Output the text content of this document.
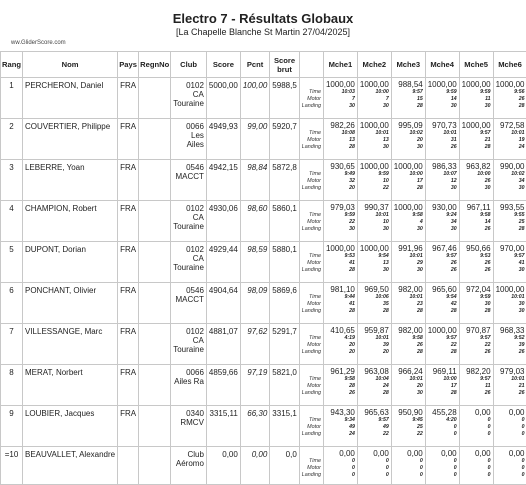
Electro 7 - Résultats Globaux
[La Chapelle Blanche St Martin 27/04/2025]
ww.GliderScore.com
Rang	Nom	Pays	RegnNo	Club	Score	Pcnt	Score brut		Mche1	Mche2	Mche3	Mche4	Mche5	Mche6
1	PERCHERON, Daniel	FRA		0102 CA Touraine	5000,00	100,00	5988,5	Time
Motor
Landing	1000,00
10:03
7
30	1000,00
10:00
7
30	988,54
9:57
15
28	1000,00
9:59
14
30	1000,00
9:59
11
30	1000,00
9:56
26
28

2	COUVERTIER, Philippe	FRA		0066 Les Ailes	4949,93	99,00	5920,7	Time
Motor
Landing	982,26
10:08
13
28	1000,00
10:01
13
30	995,09
10:02
20
30	970,73
10:01
31
26	1000,00
9:57
21
28	972,58
10:01
19
24

3	LEBERRE, Yoan	FRA		0546 MACCT	4942,15	98,84	5872,8	Time
Motor
Landing	930,65
9:49
32
20	1000,00
9:59
10
22	1000,00
10:00
17
28	986,33
10:07
12
30	963,82
10:00
26
30	990,00
10:02
34
30

4	CHAMPION, Robert	FRA		0102 CA Touraine	4930,06	98,60	5860,1	Time
Motor
Landing	979,03
9:59
22
30	990,37
10:01
10
30	1000,00
9:58
4
30	930,00
9:24
34
30	967,11
9:58
14
26	993,55
9:55
25
28

5	DUPONT, Dorian	FRA		0102 CA Touraine	4929,44	98,59	5880,1	Time
Motor
Landing	1000,00
9:53
41
28	1000,00
9:54
13
30	991,96
10:01
29
30	967,46
9:57
26
26	950,66
9:53
26
26	970,00
9:57
41
30

6	PONCHANT, Olivier	FRA		0546 MACCT	4904,64	98,09	5869,6	Time
Motor
Landing	981,10
9:44
41
28	969,50
10:06
35
28	982,00
10:01
23
28	965,60
9:54
42
28	972,04
9:59
30
28	1000,00
10:01
30
30

7	VILLESSANGE, Marc	FRA		0102 CA Touraine	4881,07	97,62	5291,7	Time
Motor
Landing	410,65
4:19
20
20	959,87
10:01
39
20	982,00
9:58
26
28	1000,00
9:57
22
28	970,87
9:57
22
26	968,33
9:52
39
26

8	MERAT, Norbert	FRA		0066 Ailes Ra	4859,66	97,19	5821,0	Time
Motor
Landing	961,29
9:58
28
26	963,08
10:04
24
28	966,24
10:01
20
30	969,11
10:00
17
28	982,20
9:57
11
26	979,03
10:01
21
26

9	LOUBIER, Jacques	FRA		0340 RMCV	3315,11	66,30	3315,1	Time
Motor
Landing	943,30
9:34
49
24	965,63
9:57
49
22	950,90
9:45
25
22	455,28
4:20
0
0	0,00
0
0
0	0,00
0
0
0

=10	BEAUVALLET, Alexandre			Club Aéromo	0,00	0,00	0,0	Time
Motor
Landing	0,00
0
0
0	0,00
0
0
0	0,00
0
0
0	0,00
0
0
0	0,00
0
0
0	0,00
0
0
0
